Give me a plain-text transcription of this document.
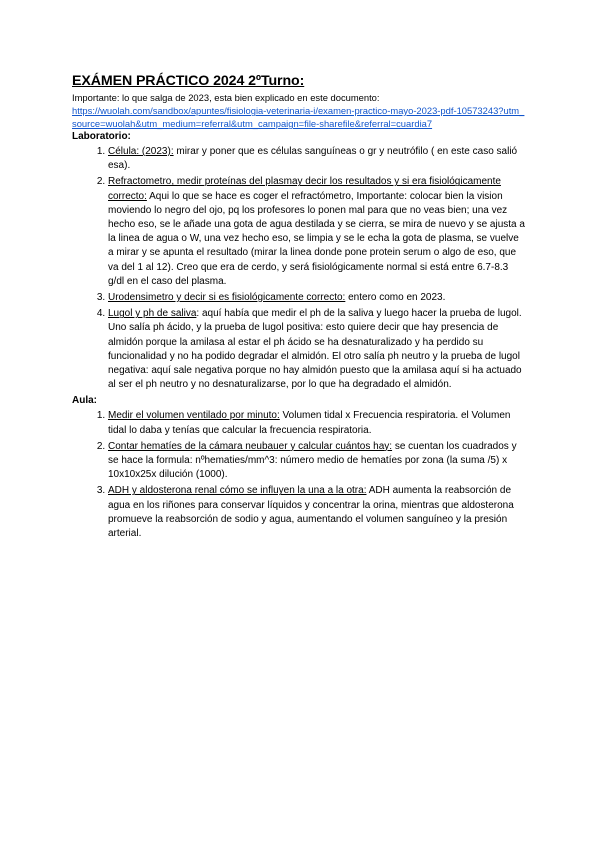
EXÁMEN PRÁCTICO 2024 2ºTurno:

Importante: lo que salga de 2023, esta bien explicado en este documento:

https://wuolah.com/sandbox/apuntes/fisiologia-veterinaria-i/examen-practico-mayo-2023-pdf-10573243?utm_source=wuolah&utm_medium=referral&utm_campaign=file-sharefile&referral=cuardia7

Laboratorio:

1. Célula: (2023): mirar y poner que es células sanguíneas o gr y neutrófilo ( en este caso salió esa).
2. Refractometro, medir proteínas del plasmay decir los resultados y si era fisiológicamente correcto: Aqui lo que se hace es coger el refractómetro, Importante: colocar bien la vision moviendo lo negro del ojo, pq los profesores lo ponen mal para que no veas bien; una vez hecho eso, se le añade una gota de agua destilada y se cierra, se mira de nuevo y se ajusta a la linea de agua o W, una vez hecho eso, se limpia y se le echa la gota de plasma, se vuelve a mirar y se apunta el resultado (mirar la linea donde pone protein serum o algo de eso, que va del 1 al 12). Creo que era de cerdo, y será fisiológicamente normal si está entre 6.7-8.3 g/dl en el caso del plasma.
3. Urodensimetro y decir si es fisiológicamente correcto: entero como en 2023.
4. Lugol y ph de saliva: aquí había que medir el ph de la saliva y luego hacer la prueba de lugol. Uno salía ph ácido, y la prueba de lugol positiva: esto quiere decir que hay presencia de almidón porque la amilasa al estar el ph ácido se ha desnaturalizado y ha perdido su funcionalidad y no ha podido degradar el almidón. El otro salía ph neutro y la prueba de lugol negativa: aquí sale negativa porque no hay almidón puesto que la amilasa aquí si ha actuado al ser el ph neutro y no desnaturalizarse, por lo que ha degradado el almidón.

Aula:

1. Medir el volumen ventilado por minuto: Volumen tidal x Frecuencia respiratoria. el Volumen tidal lo daba y tenías que calcular la frecuencia respiratoria.
2. Contar hematíes de la cámara neubauer y calcular cuántos hay: se cuentan los cuadrados y se hace la formula: nºhematies/mm^3: número medio de hematíes por zona (la suma /5) x 10x10x25x dilución (1000).
3. ADH y aldosterona renal cómo se influyen la una a la otra: ADH aumenta la reabsorción de agua en los riñones para conservar líquidos y concentrar la orina, mientras que aldosterona promueve la reabsorción de sodio y agua, aumentando el volumen sanguíneo y la presión arterial.
